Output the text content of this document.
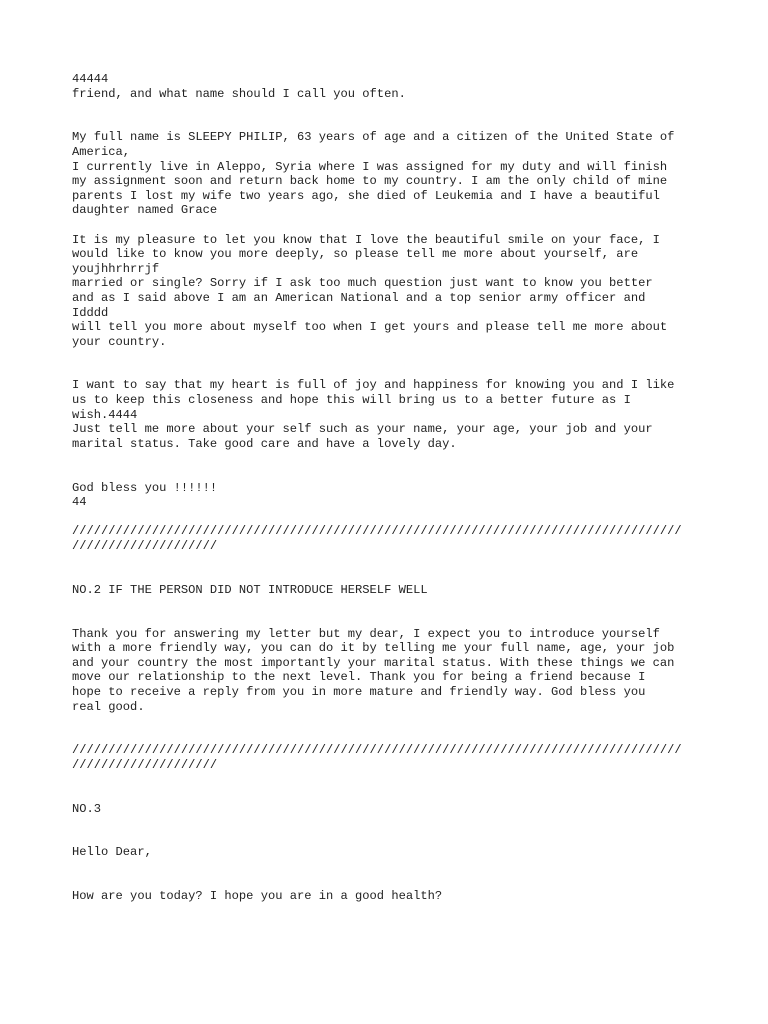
44444
friend, and what name should I call you often.
My full name is SLEEPY PHILIP, 63 years of age and a citizen of the United State of
America,
I currently live in Aleppo, Syria where I was assigned for my duty and will finish
my assignment soon and return back home to my country. I am the only child of mine
parents I lost my wife two years ago, she died of Leukemia and I have a beautiful
daughter named Grace
It is my pleasure to let you know that I love the beautiful smile on your face, I
would like to know you more deeply, so please tell me more about yourself, are
youjhhrhrrjf
married or single? Sorry if I ask too much question just want to know you better
and as I said above I am an American National and a top senior army officer and
Idddd
will tell you more about myself too when I get yours and please tell me more about
your country.
I want to say that my heart is full of joy and happiness for knowing you and I like
us to keep this closeness and hope this will bring us to a better future as I
wish.4444
Just tell me more about your self such as your name, your age, your job and your
marital status. Take good care and have a lovely day.
God bless you !!!!!!
44
////////////////////////////////////////////////////////////////////////////////////
////////////////////
NO.2 IF THE PERSON DID NOT INTRODUCE HERSELF WELL
Thank you for answering my letter but my dear, I expect you to introduce yourself
with a more friendly way, you can do it by telling me your full name, age, your job
and your country the most importantly your marital status. With these things we can
move our relationship to the next level. Thank you for being a friend because I
hope to receive a reply from you in more mature and friendly way. God bless you
real good.
////////////////////////////////////////////////////////////////////////////////////
////////////////////
NO.3
Hello Dear,
How are you today? I hope you are in a good health?
